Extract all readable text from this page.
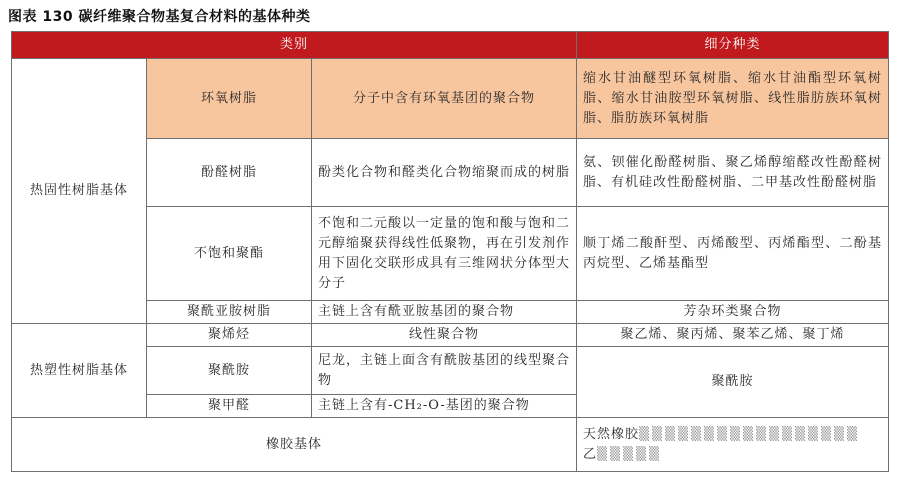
图表 130 碳纤维聚合物基复合材料的基体种类
类别			细分种类
热固性树脂基体	环氧树脂	分子中含有环氧基团的聚合物	缩水甘油醚型环氧树脂、缩水甘油酯型环氧树脂、缩水甘油胺型环氧树脂、线性脂肪族环氧树脂、脂肪族环氧树脂
	酚醛树脂	酚类化合物和醛类化合物缩聚而成的树脂	氨、钡催化酚醛树脂、聚乙烯醇缩醛改性酚醛树脂、有机硅改性酚醛树脂、二甲基改性酚醛树脂
	不饱和聚酯	不饱和二元酸以一定量的饱和酸与饱和二元醇缩聚获得线性低聚物，再在引发剂作用下固化交联形成具有三维网状分体型大分子	顺丁烯二酸酐型、丙烯酸型、丙烯酯型、二酚基丙烷型、乙烯基酯型
	聚酰亚胺树脂	主链上含有酰亚胺基团的聚合物	芳杂环类聚合物
热塑性树脂基体	聚烯烃	线性聚合物	聚乙烯、聚丙烯、聚苯乙烯、聚丁烯
	聚酰胺	尼龙，主链上面含有酰胺基团的线型聚合物	聚酰胺
	聚甲醛	主链上含有-CH₂-O-基团的聚合物	
橡胶基体			天然橡胶▒▒▒▒▒▒▒▒▒▒▒▒▒▒▒▒▒
乙▒▒▒▒▒
